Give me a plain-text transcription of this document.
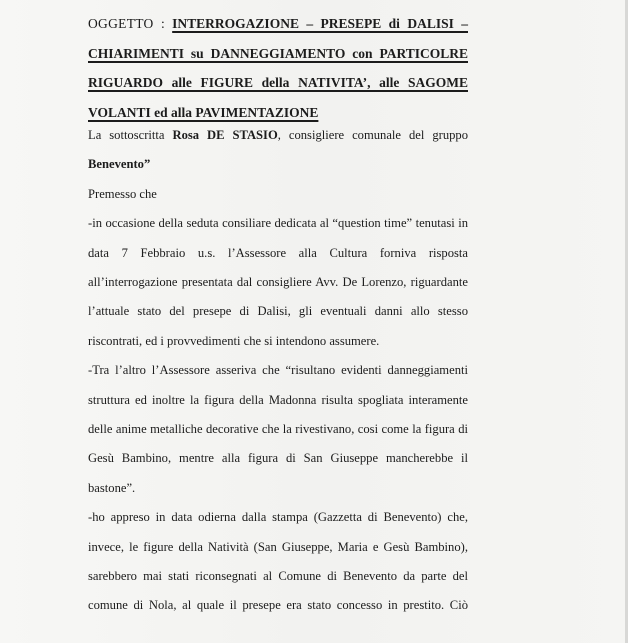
OGGETTO : INTERROGAZIONE – PRESEPE di DALISI –
CHIARIMENTI su DANNEGGIAMENTO con PARTICOLRE
RIGUARDO alle FIGURE della NATIVITA’, alle SAGOME
VOLANTI ed alla PAVIMENTAZIONE
La sottoscritta Rosa DE STASIO, consigliere comunale del gruppo
Benevento”
Premesso che
-in occasione della seduta consiliare dedicata al “question time” tenutasi in
data 7 Febbraio u.s. l’Assessore alla Cultura forniva risposta
all’interrogazione presentata dal consigliere Avv. De Lorenzo, riguardante
l’attuale stato del presepe di Dalisi, gli eventuali danni allo stesso
riscontrati, ed i provvedimenti che si intendono assumere.
-Tra l’altro l’Assessore asseriva che “risultano evidenti danneggiamenti
struttura ed inoltre la figura della Madonna risulta spogliata interamente
delle anime metalliche decorative che la rivestivano, cosi come la figura di
Gesù Bambino, mentre alla figura di San Giuseppe mancherebbe il
bastone”.
-ho appreso in data odierna dalla stampa (Gazzetta di Benevento) che,
invece, le figure della Natività (San Giuseppe, Maria e Gesù Bambino),
sarebbero mai stati riconsegnati al Comune di Benevento da parte del
comune di Nola, al quale il presepe era stato concesso in prestito. Ciò
